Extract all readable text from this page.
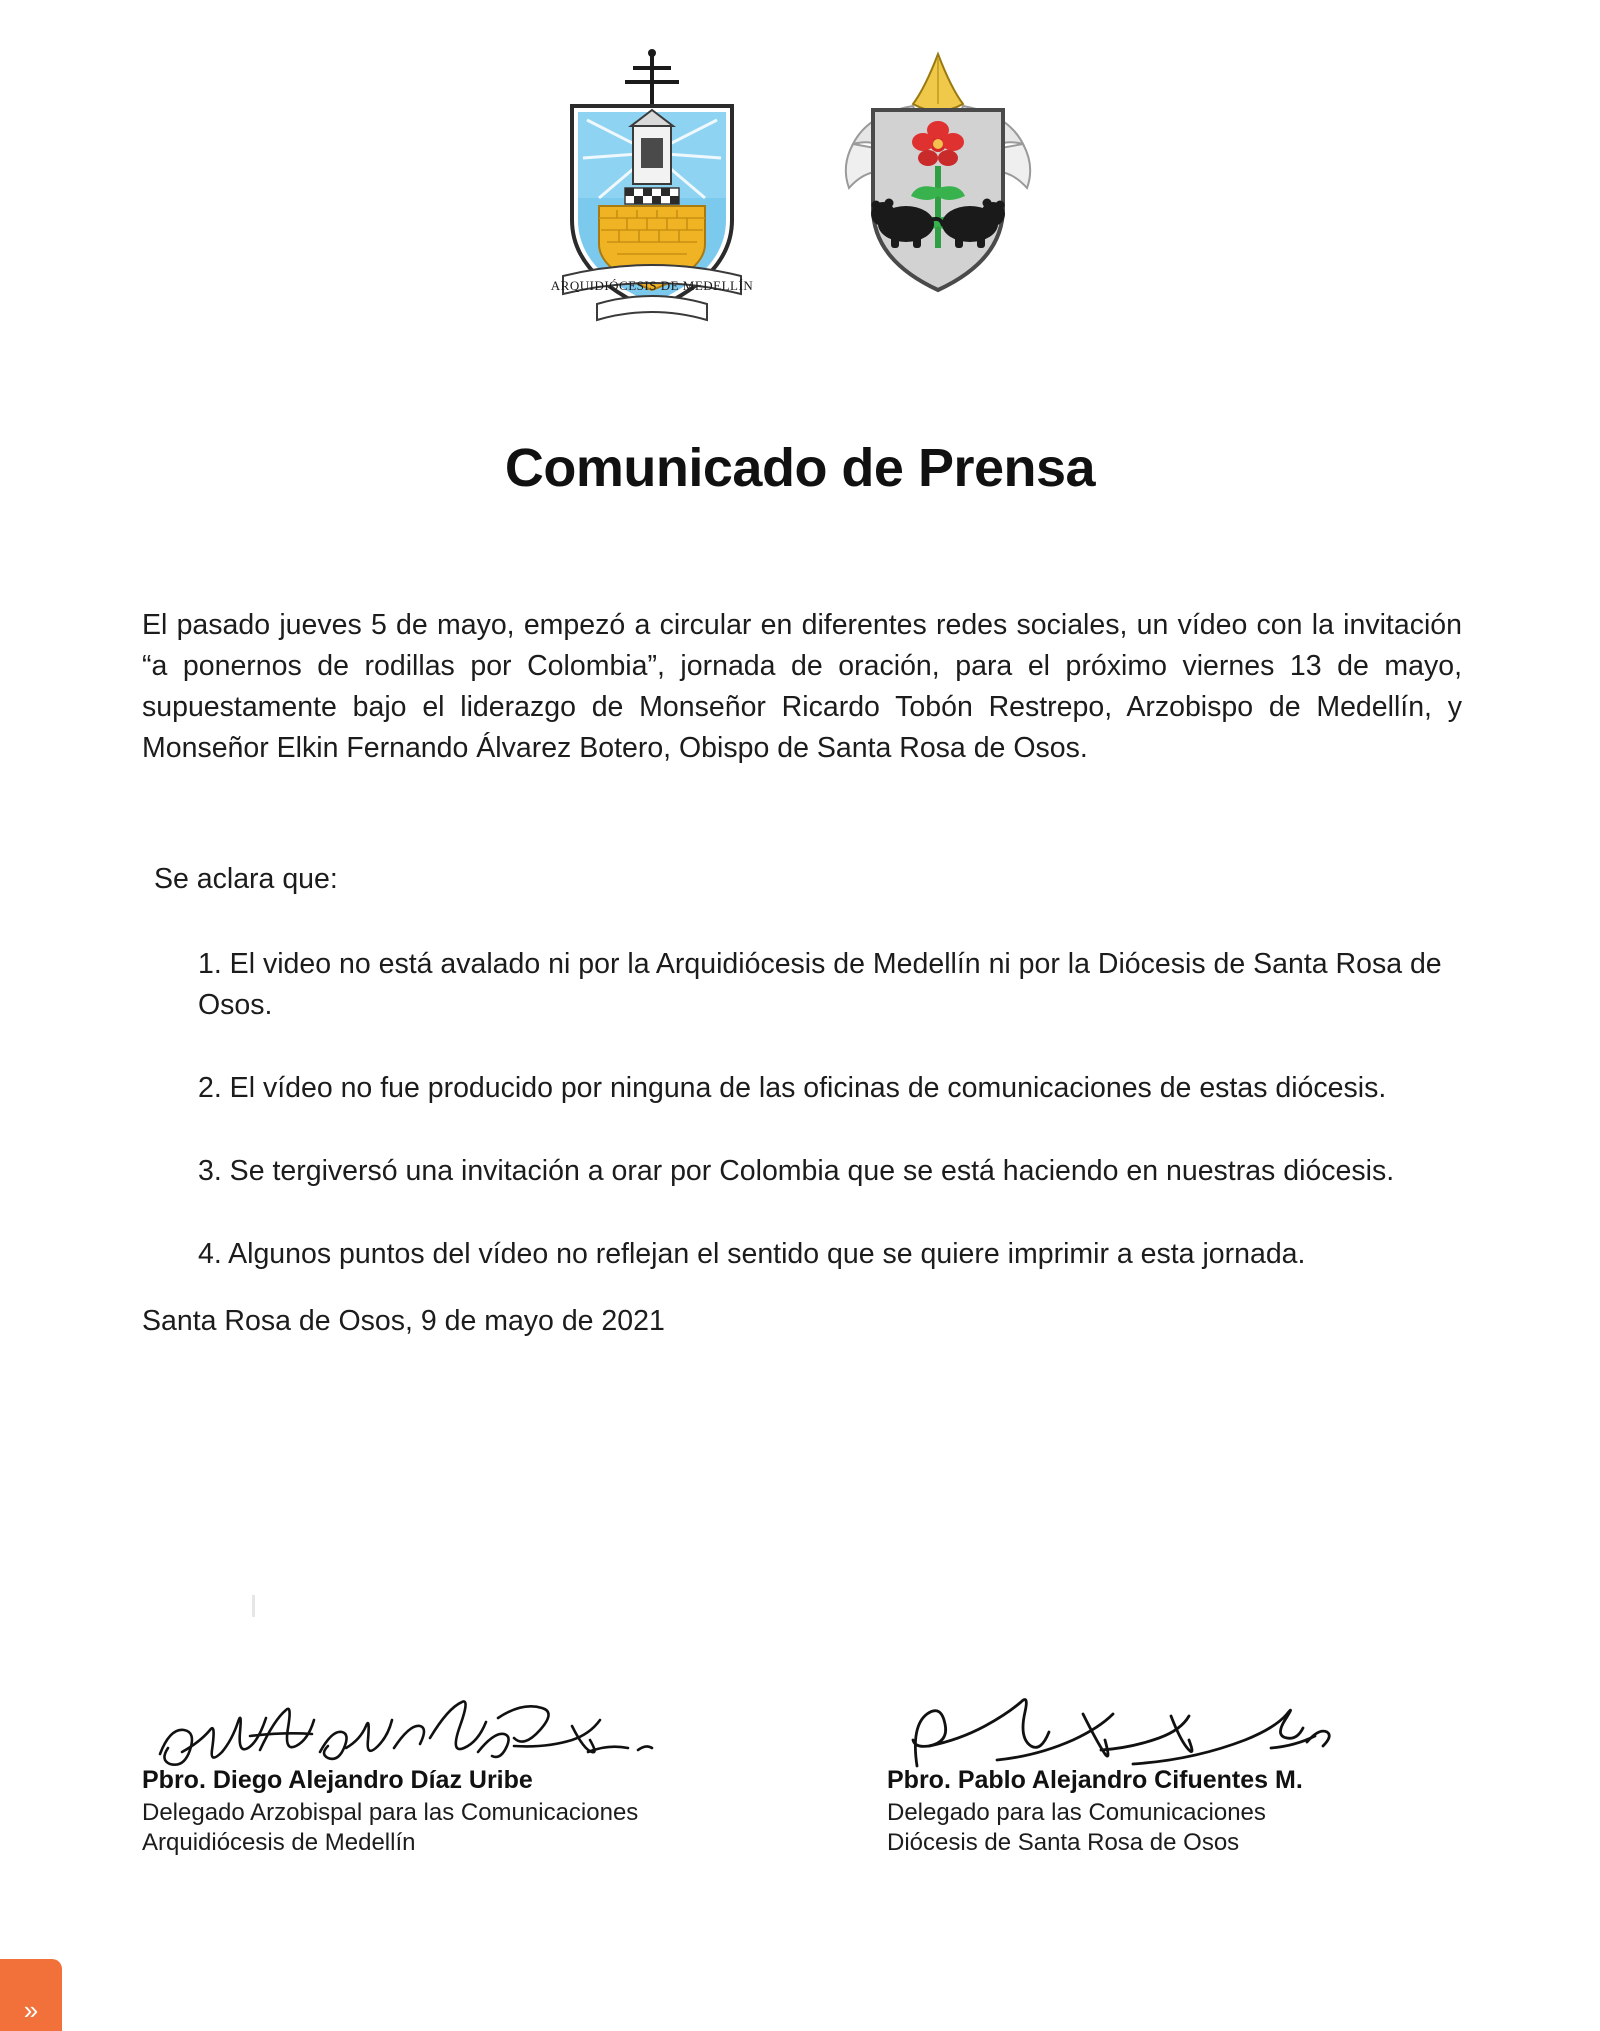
ARQUIDIÓCESIS DE MEDELLÍN
Comunicado de Prensa

El pasado jueves 5 de mayo, empezó a circular en diferentes redes sociales, un vídeo con la invitación “a ponernos de rodillas por Colombia”, jornada de oración, para el próximo viernes 13 de mayo, supuestamente bajo el liderazgo de Monseñor Ricardo Tobón Restrepo, Arzobispo de Medellín, y Monseñor Elkin Fernando Álvarez Botero, Obispo de Santa Rosa de Osos.

Se aclara que:

1. El video no está avalado ni por la Arquidiócesis de Medellín ni por la Diócesis de Santa Rosa de Osos.

2. El vídeo no fue producido por ninguna de las oficinas de comunicaciones de estas diócesis.

3. Se tergiversó una invitación a orar por Colombia que se está haciendo en nuestras diócesis.

4. Algunos puntos del vídeo no reflejan el sentido que se quiere imprimir a esta jornada.

Santa Rosa de Osos, 9 de mayo de 2021

Pbro. Diego Alejandro Díaz Uribe
Delegado Arzobispal para las Comunicaciones
Arquidiócesis de Medellín
Pbro. Pablo Alejandro Cifuentes M.
Delegado para las Comunicaciones
Diócesis de Santa Rosa de Osos
»
